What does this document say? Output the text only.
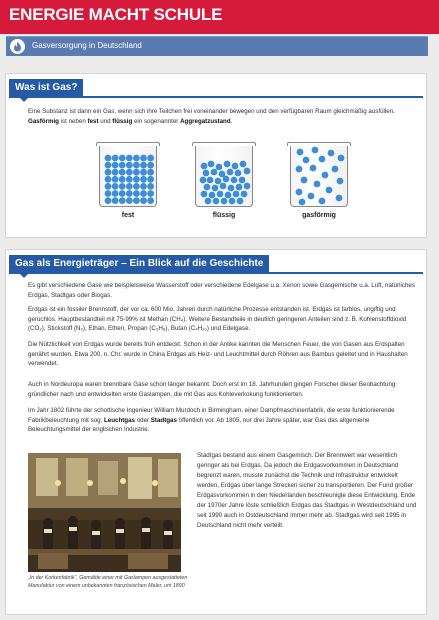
ENERGIE MACHT SCHULE
Gasversorgung in Deutschland
Was ist Gas?
Eine Substanz ist dann ein Gas, wenn sich ihre Teilchen frei voneinander bewegen und den verfügbaren Raum gleichmäßig ausfüllen.
Gasförmig ist neben fest und flüssig ein sogenannter Aggregatzustand.
fest	flüssig	gasförmig
Gas als Energieträger – Ein Blick auf die Geschichte
Es gibt verschiedene Gase wie beispielsweise Wasserstoff oder verschiedene Edelgase u.a. Xenon sowie Gasgemische u.a. Luft, natürliches Erdgas, Stadtgas oder Biogas.
Erdgas ist ein fossiler Brennstoff, der vor ca. 600 Mio. Jahren durch natürliche Prozesse entstanden ist. Erdgas ist farblos, ungiftig und geruchlos. Hauptbestandteil mit 75-99% ist Methan (CH₄). Weitere Bestandteile in deutlich geringeren Anteilen sind z. B. Kohlenstoffdioxid (CO₂), Stickstoff (N₂), Ethan, Ethen, Propan (C₃H₈), Butan (C₄H₁₀) und Edelgase.
Die Nützlichkeit von Erdgas wurde bereits früh entdeckt. Schon in der Antike kannten die Menschen Feuer, die von Gasen aus Erdspalten genährt wurden. Etwa 200. n. Chr. wurde in China Erdgas als Heiz- und Leuchtmittel durch Röhren aus Bambus geleitet und in Haushalten verwendet.
Auch in Nordeuropa waren brennbare Gase schon länger bekannt. Doch erst im 18. Jahrhundert gingen Forscher dieser Beobachtung gründlicher nach und entwickelten erste Gaslampen, die mit Gas aus Kohleverkokung funktionierten.
Im Jahr 1802 führte der schottische Ingenieur William Murdoch in Birmingham, einer Dampfmaschinenfabrik, die erste funktionierende Fabrikbeleuchtung mit sog. Leuchtgas oder Stadtgas öffentlich vor. Ab 1805, nur drei Jahre später, war Gas das allgemeine Beleuchtungsmittel der englischen Industrie.
„In der Korkenfabrik“, Gemälde einer mit Gaslampen ausgestatteten Manufaktur von einem unbekannten französischen Maler, um 1890
Stadtgas bestand aus einem Gasgemisch. Der Brennwert war wesentlich geringer als bei Erdgas. Da jedoch die Erdgasvorkommen in Deutschland begrenzt waren, musste zunächst die Technik und Infrastruktur entwickelt werden, Erdgas über lange Strecken sicher zu transportieren. Der Fund großer Erdgasvorkommen in den Niederlanden beschleunigte diese Entwicklung. Ende der 1970er Jahre löste schließlich Erdgas das Stadtgas in Westdeutschland und seit 1990 auch in Ostdeutschland immer mehr ab. Stadtgas wird seit 1995 in Deutschland nicht mehr verteilt.
